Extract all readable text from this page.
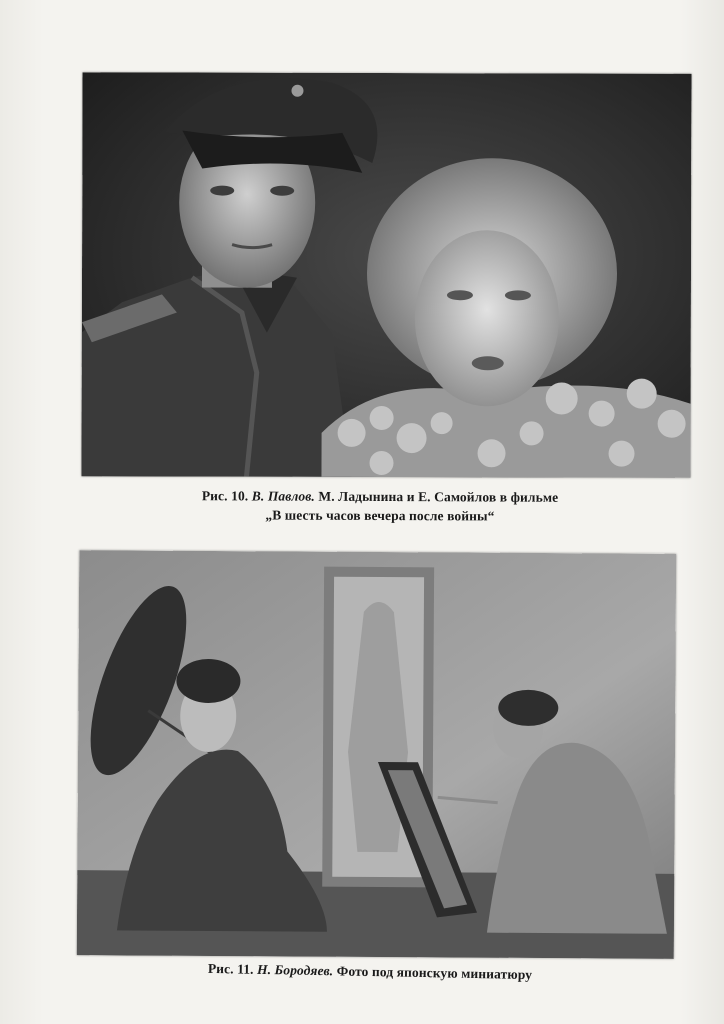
Рис. 10. В. Павлов. М. Ладынина и Е. Самойлов в фильме
„В шесть часов вечера после войны“
Рис. 11. Н. Бородяев. Фото под японскую миниатюру
